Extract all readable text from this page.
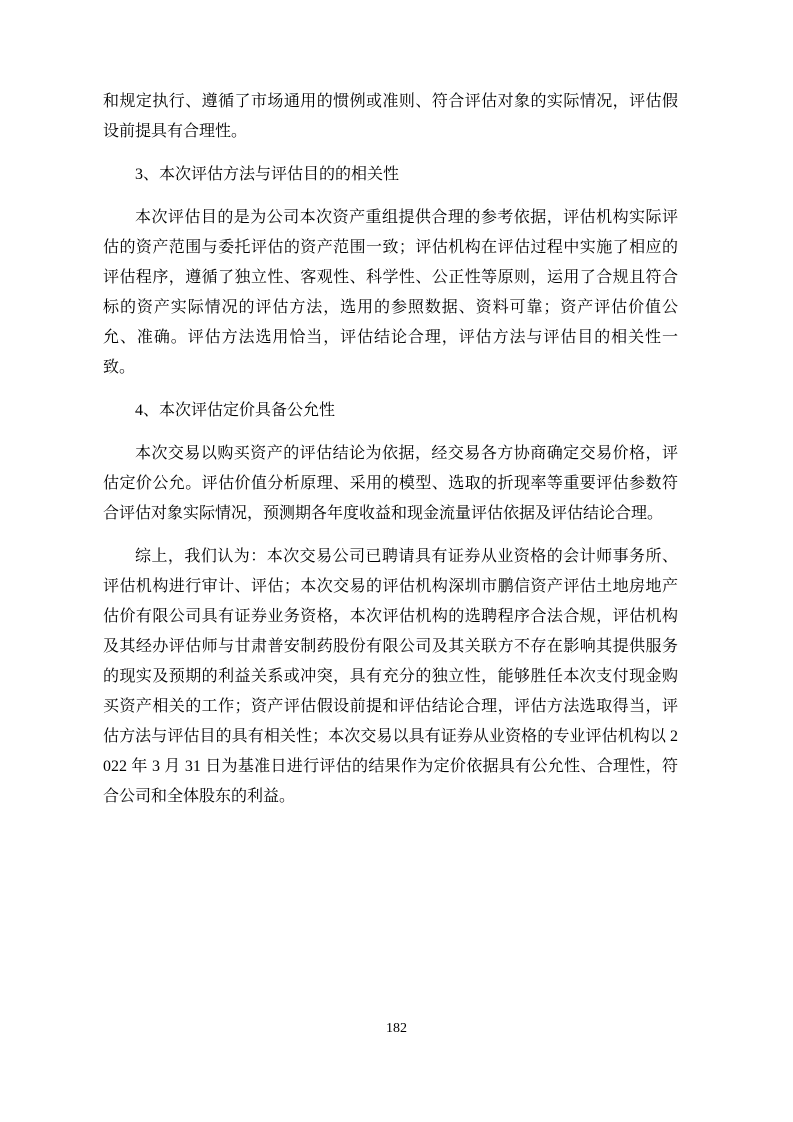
和规定执行、遵循了市场通用的惯例或准则、符合评估对象的实际情况，评估假设前提具有合理性。

3、本次评估方法与评估目的的相关性

本次评估目的是为公司本次资产重组提供合理的参考依据，评估机构实际评估的资产范围与委托评估的资产范围一致；评估机构在评估过程中实施了相应的评估程序，遵循了独立性、客观性、科学性、公正性等原则，运用了合规且符合标的资产实际情况的评估方法，选用的参照数据、资料可靠；资产评估价值公允、准确。评估方法选用恰当，评估结论合理，评估方法与评估目的相关性一致。

4、本次评估定价具备公允性

本次交易以购买资产的评估结论为依据，经交易各方协商确定交易价格，评估定价公允。评估价值分析原理、采用的模型、选取的折现率等重要评估参数符合评估对象实际情况，预测期各年度收益和现金流量评估依据及评估结论合理。

综上，我们认为：本次交易公司已聘请具有证券从业资格的会计师事务所、评估机构进行审计、评估；本次交易的评估机构深圳市鹏信资产评估土地房地产估价有限公司具有证券业务资格，本次评估机构的选聘程序合法合规，评估机构及其经办评估师与甘肃普安制药股份有限公司及其关联方不存在影响其提供服务的现实及预期的利益关系或冲突，具有充分的独立性，能够胜任本次支付现金购买资产相关的工作；资产评估假设前提和评估结论合理，评估方法选取得当，评估方法与评估目的具有相关性；本次交易以具有证券从业资格的专业评估机构以 2022 年 3 月 31 日为基准日进行评估的结果作为定价依据具有公允性、合理性，符合公司和全体股东的利益。

182
